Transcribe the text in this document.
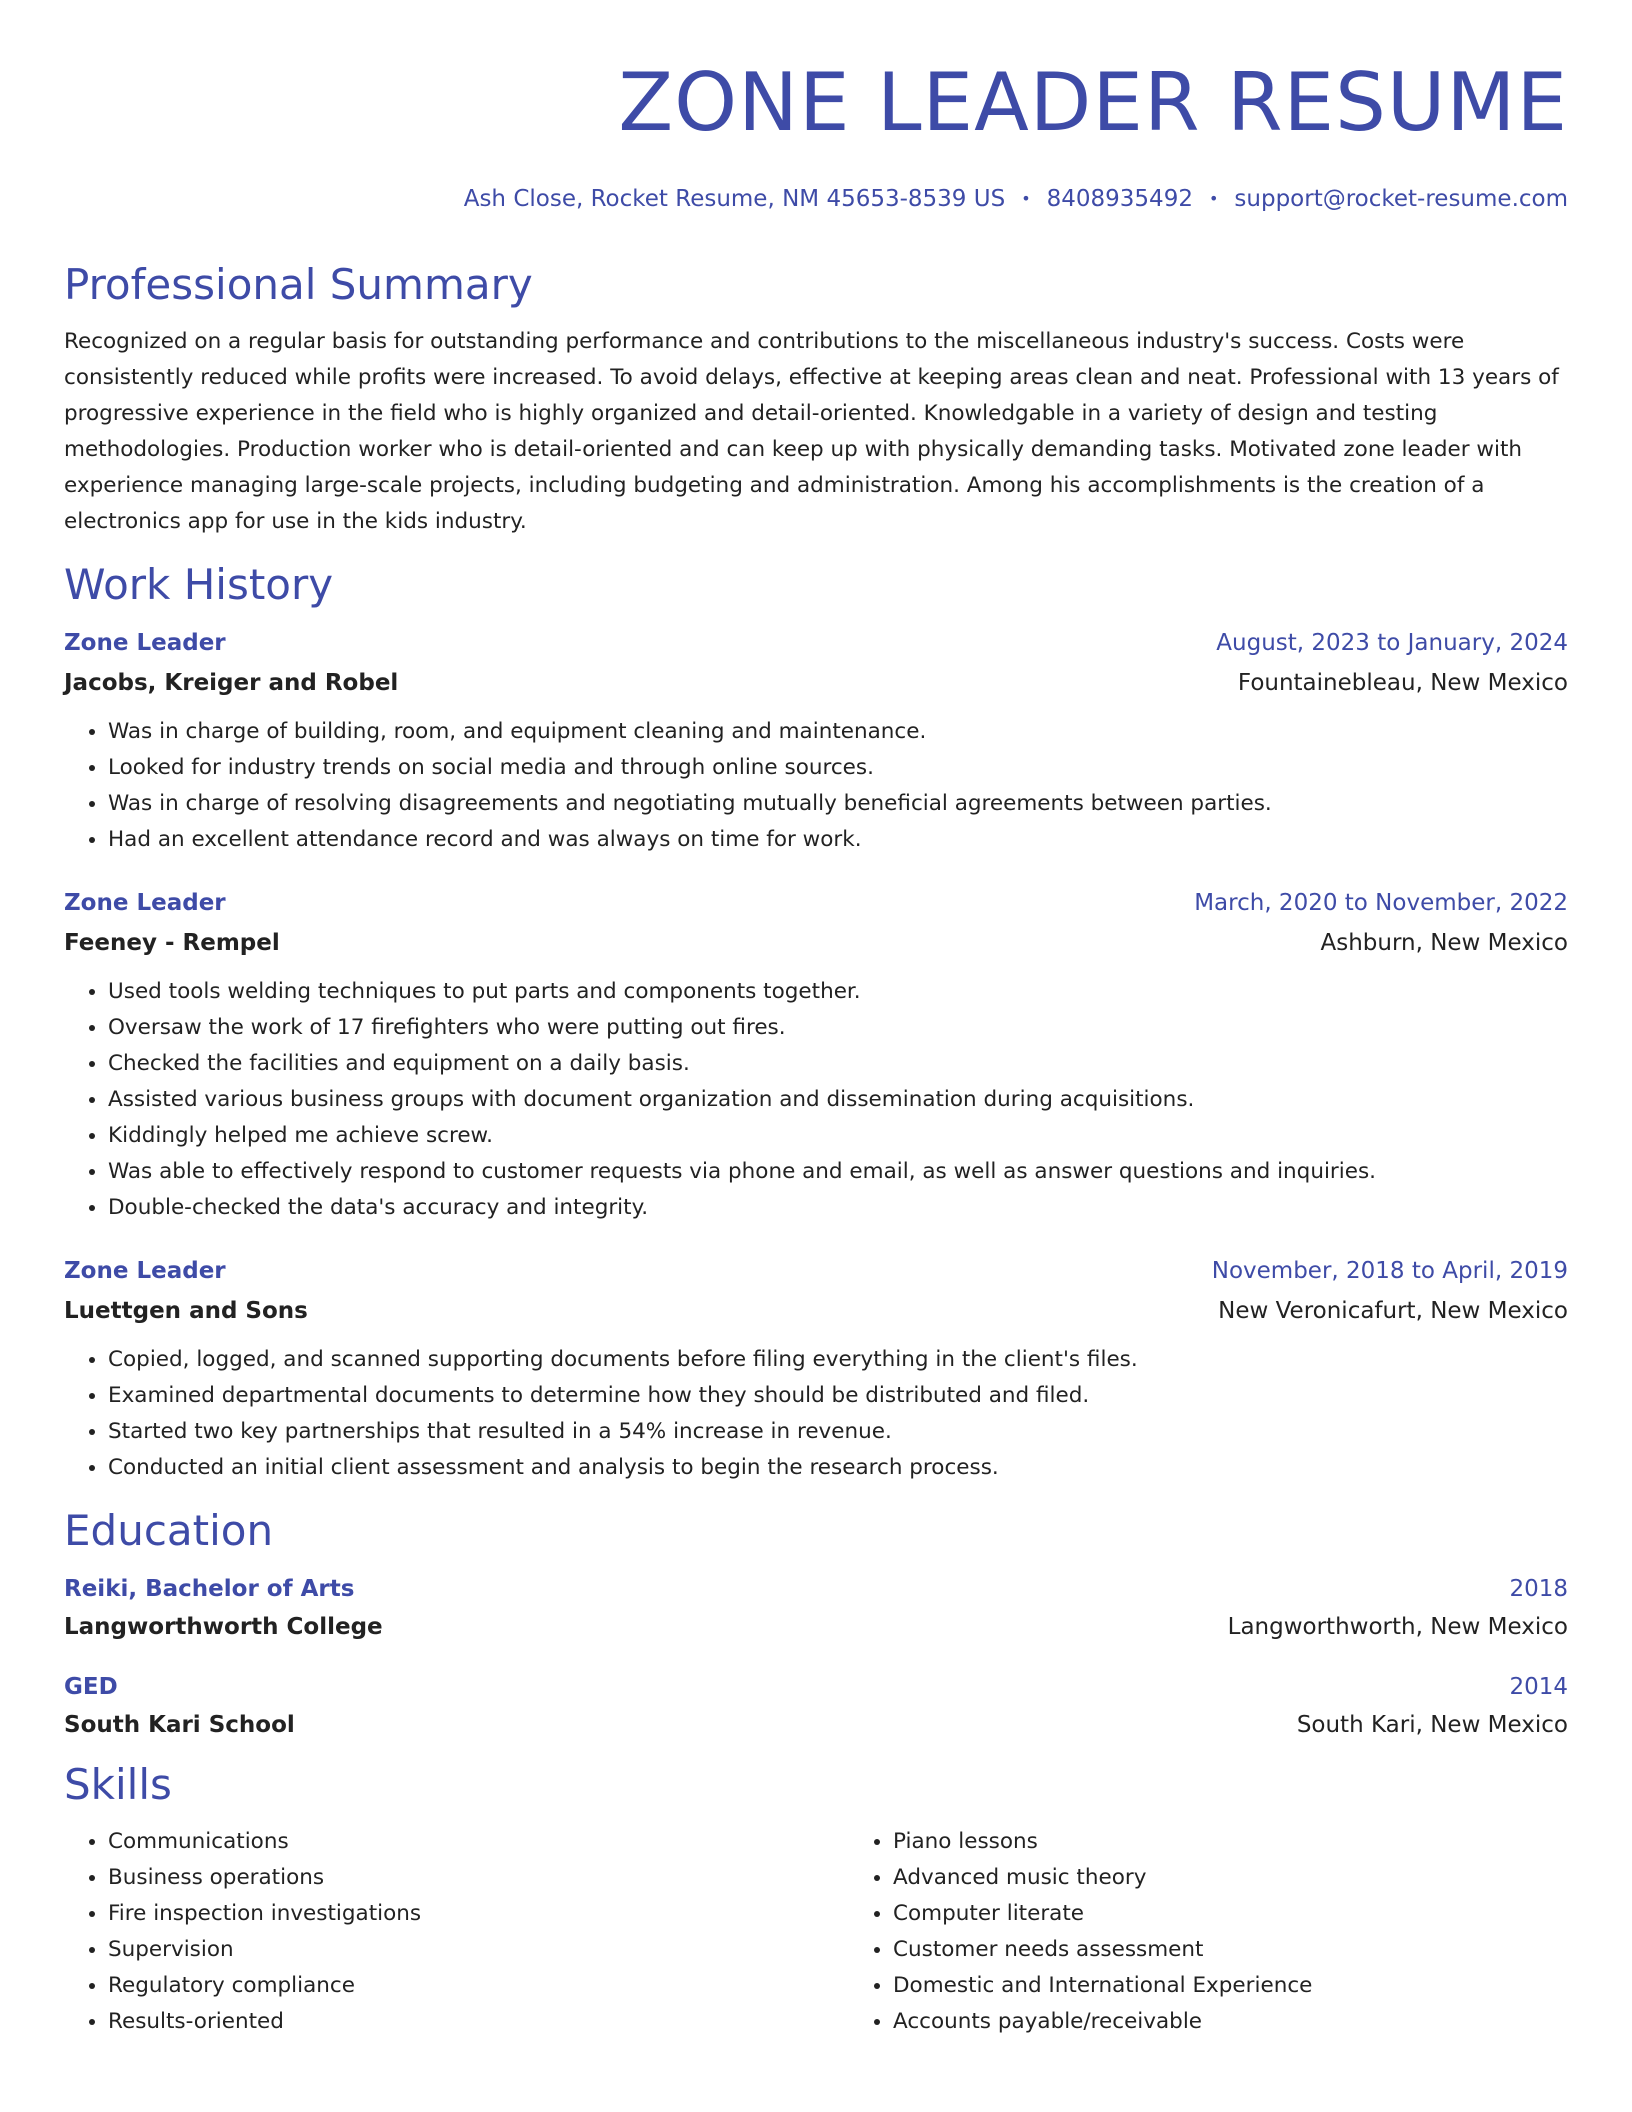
ZONE LEADER RESUME
Ash Close, Rocket Resume, NM 45653-8539 US • 8408935492 • support@rocket-resume.com
Professional Summary
Recognized on a regular basis for outstanding performance and contributions to the miscellaneous industry's success. Costs were consistently reduced while profits were increased. To avoid delays, effective at keeping areas clean and neat. Professional with 13 years of progressive experience in the field who is highly organized and detail-oriented. Knowledgable in a variety of design and testing methodologies. Production worker who is detail-oriented and can keep up with physically demanding tasks. Motivated zone leader with experience managing large-scale projects, including budgeting and administration. Among his accomplishments is the creation of a electronics app for use in the kids industry.
Work History
Zone Leader	August, 2023 to January, 2024
Jacobs, Kreiger and Robel	Fountainebleau, New Mexico
• Was in charge of building, room, and equipment cleaning and maintenance.
• Looked for industry trends on social media and through online sources.
• Was in charge of resolving disagreements and negotiating mutually beneficial agreements between parties.
• Had an excellent attendance record and was always on time for work.
Zone Leader	March, 2020 to November, 2022
Feeney - Rempel	Ashburn, New Mexico
• Used tools welding techniques to put parts and components together.
• Oversaw the work of 17 firefighters who were putting out fires.
• Checked the facilities and equipment on a daily basis.
• Assisted various business groups with document organization and dissemination during acquisitions.
• Kiddingly helped me achieve screw.
• Was able to effectively respond to customer requests via phone and email, as well as answer questions and inquiries.
• Double-checked the data's accuracy and integrity.
Zone Leader	November, 2018 to April, 2019
Luettgen and Sons	New Veronicafurt, New Mexico
• Copied, logged, and scanned supporting documents before filing everything in the client's files.
• Examined departmental documents to determine how they should be distributed and filed.
• Started two key partnerships that resulted in a 54% increase in revenue.
• Conducted an initial client assessment and analysis to begin the research process.
Education
Reiki, Bachelor of Arts	2018
Langworthworth College	Langworthworth, New Mexico
GED	2014
South Kari School	South Kari, New Mexico
Skills
• Communications
• Business operations
• Fire inspection investigations
• Supervision
• Regulatory compliance
• Results-oriented
• Piano lessons
• Advanced music theory
• Computer literate
• Customer needs assessment
• Domestic and International Experience
• Accounts payable/receivable
